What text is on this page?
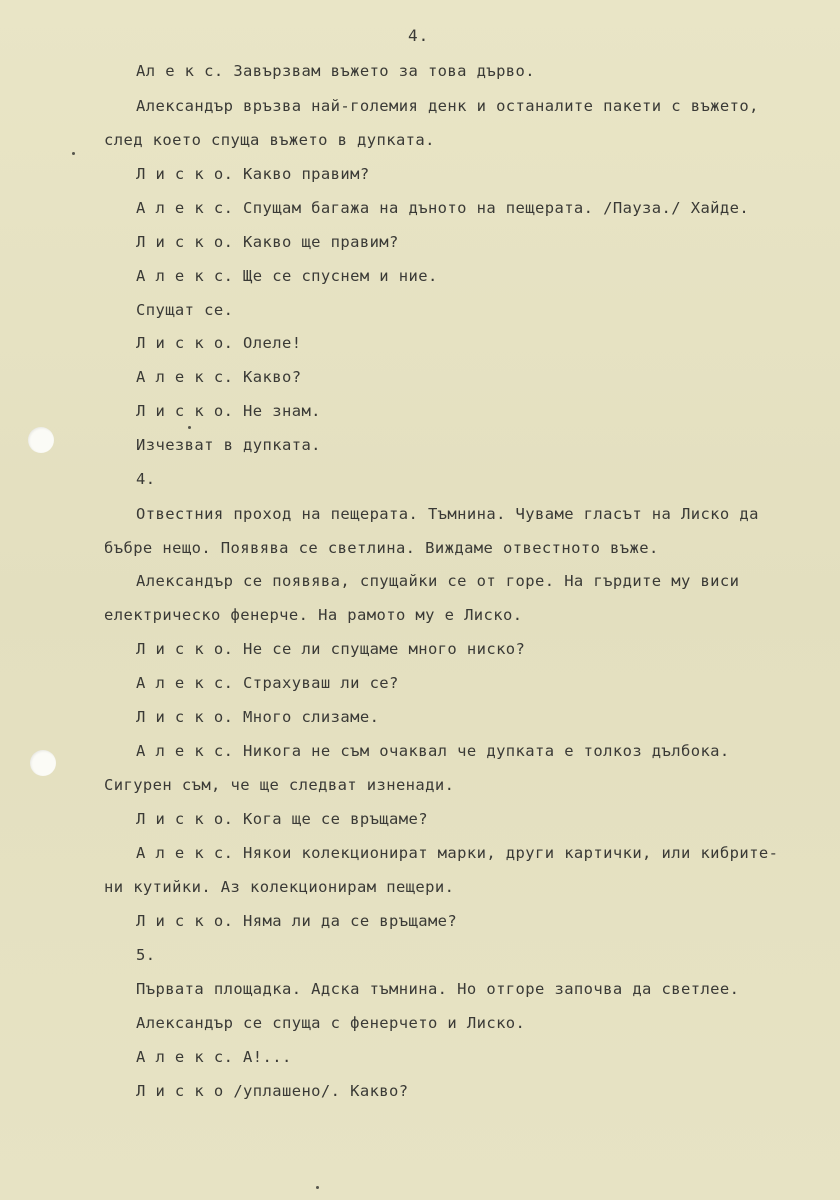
4.
Ал е к с. Завързвам въжето за това дърво.
Александър връзва най-големия денк и останалите пакети с въжето,
след което спуща въжето в дупката.
Л и с к о. Какво правим?
А л е к с. Спущам багажа на дъното на пещерата. /Пауза./ Хайде.
Л и с к о. Какво ще правим?
А л е к с. Ще се спуснем и ние.
Спущат се.
Л и с к о. Олеле!
А л е к с. Какво?
Л и с к о. Не знам.
Изчезват в дупката.
4.
Отвестния проход на пещерата. Тъмнина. Чуваме гласът на Лиско да
бъбре нещо. Появява се светлина. Виждаме отвестното въже.
Александър се появява, спущайки се от горе. На гърдите му виси
електрическо фенерче. На рамото му е Лиско.
Л и с к о. Не се ли спущаме много ниско?
А л е к с. Страхуваш ли се?
Л и с к о. Много слизаме.
А л е к с. Никога не съм очаквал че дупката е толкоз дълбока.
Сигурен съм, че ще следват изненади.
Л и с к о. Кога ще се връщаме?
А л е к с. Някои колекционират марки, други картички, или кибрите-
ни кутийки. Аз колекционирам пещери.
Л и с к о. Няма ли да се връщаме?
5.
Първата площадка. Адска тъмнина. Но отгоре започва да светлее.
Александър се спуща с фенерчето и Лиско.
А л е к с. А!...
Л и с к о /уплашено/. Какво?
